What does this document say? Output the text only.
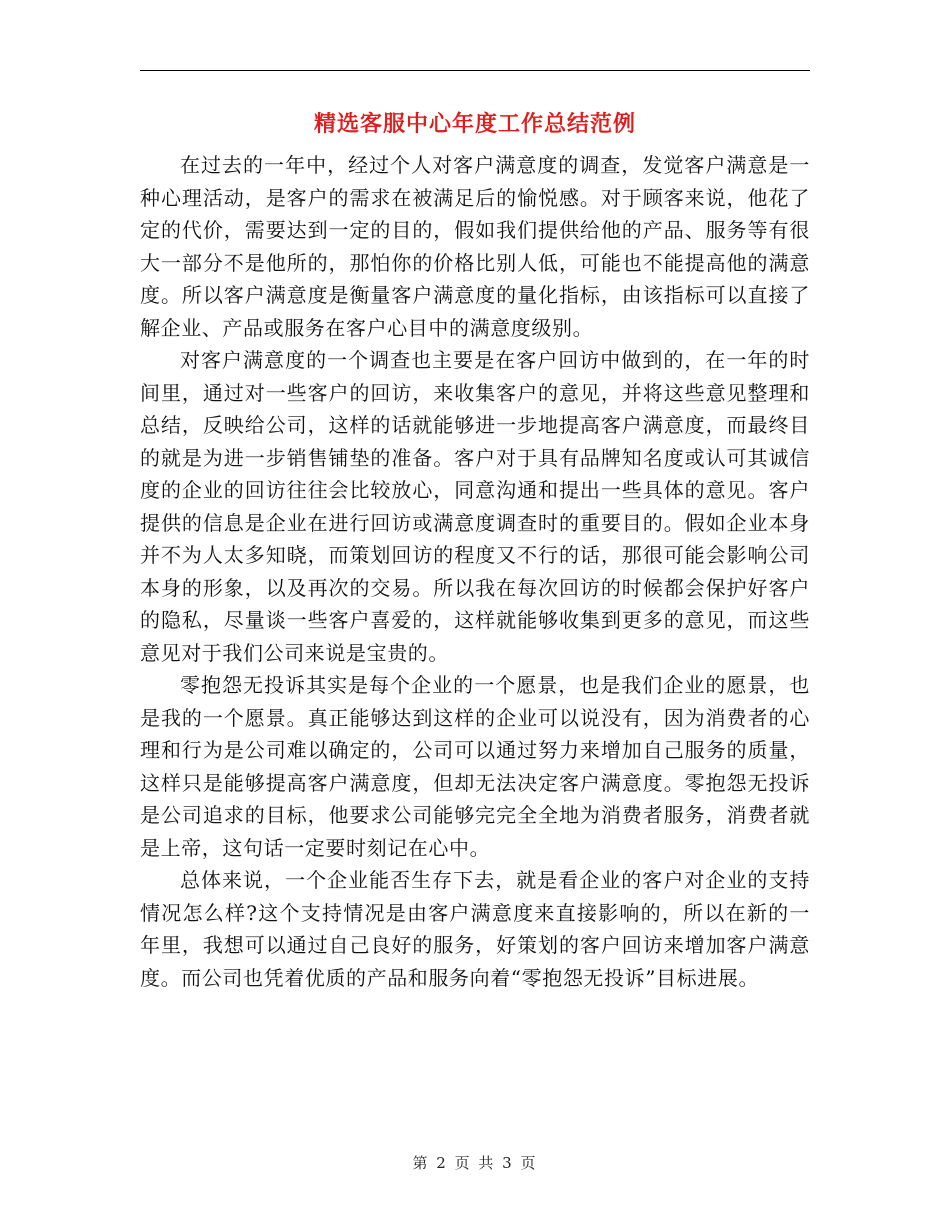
精选客服中心年度工作总结范例

在过去的一年中，经过个人对客户满意度的调查，发觉客户满意是一种心理活动，是客户的需求在被满足后的愉悦感。对于顾客来说，他花了定的代价，需要达到一定的目的，假如我们提供给他的产品、服务等有很大一部分不是他所的，那怕你的价格比别人低，可能也不能提高他的满意度。所以客户满意度是衡量客户满意度的量化指标，由该指标可以直接了解企业、产品或服务在客户心目中的满意度级别。

对客户满意度的一个调查也主要是在客户回访中做到的，在一年的时间里，通过对一些客户的回访，来收集客户的意见，并将这些意见整理和总结，反映给公司，这样的话就能够进一步地提高客户满意度，而最终目的就是为进一步销售铺垫的准备。客户对于具有品牌知名度或认可其诚信度的企业的回访往往会比较放心，同意沟通和提出一些具体的意见。客户提供的信息是企业在进行回访或满意度调查时的重要目的。假如企业本身并不为人太多知晓，而策划回访的程度又不行的话，那很可能会影响公司本身的形象，以及再次的交易。所以我在每次回访的时候都会保护好客户的隐私，尽量谈一些客户喜爱的，这样就能够收集到更多的意见，而这些意见对于我们公司来说是宝贵的。

零抱怨无投诉其实是每个企业的一个愿景，也是我们企业的愿景，也是我的一个愿景。真正能够达到这样的企业可以说没有，因为消费者的心理和行为是公司难以确定的，公司可以通过努力来增加自己服务的质量，这样只是能够提高客户满意度，但却无法决定客户满意度。零抱怨无投诉是公司追求的目标，他要求公司能够完完全全地为消费者服务，消费者就是上帝，这句话一定要时刻记在心中。

总体来说，一个企业能否生存下去，就是看企业的客户对企业的支持情况怎么样?这个支持情况是由客户满意度来直接影响的，所以在新的一年里，我想可以通过自己良好的服务，好策划的客户回访来增加客户满意度。而公司也凭着优质的产品和服务向着“零抱怨无投诉”目标进展。

第 2 页 共 3 页
